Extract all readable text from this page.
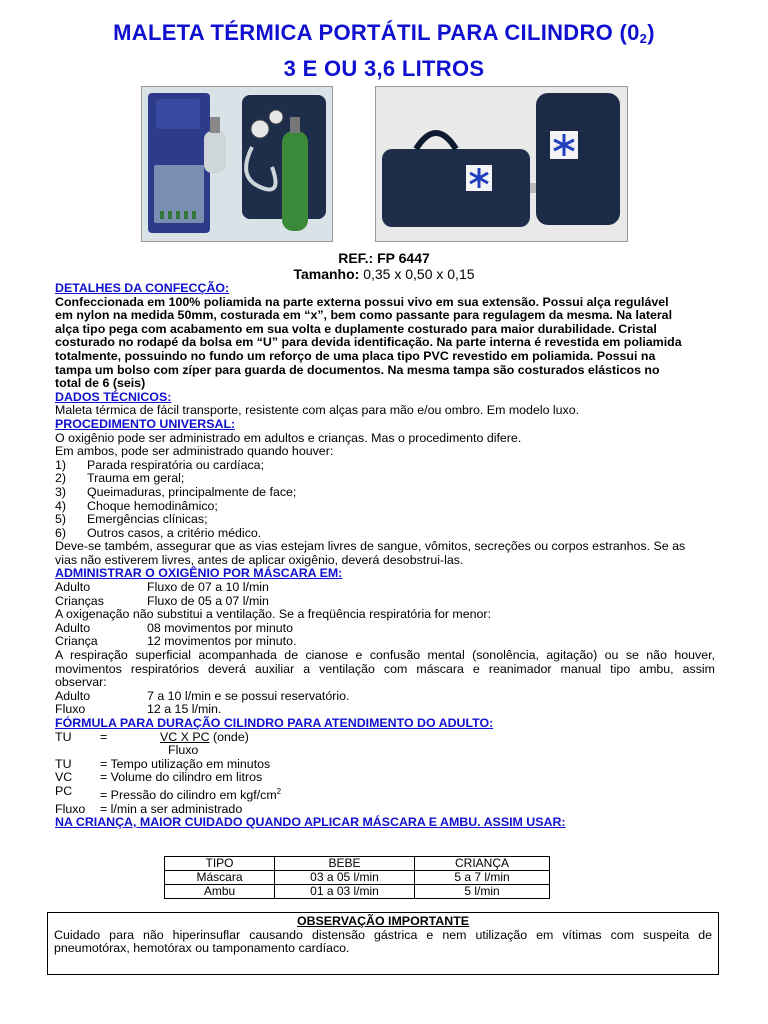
MALETA TÉRMICA PORTÁTIL PARA CILINDRO $(0_2)$
3 E OU 3,6 LITROS
REF.: FP 6447
Tamanho: 0,35 x 0,50 x 0,15
DETALHES DA CONFECÇÃO:
Confeccionada em 100% poliamida na parte externa possui vivo em sua extensão. Possui alça regulável
em nylon na medida 50mm, costurada em “x”, bem como passante para regulagem da mesma. Na lateral
alça tipo pega com acabamento em sua volta e duplamente costurado para maior durabilidade. Cristal
costurado no rodapé da bolsa em “U” para devida identificação. Na parte interna é revestida em poliamida
totalmente, possuindo no fundo um reforço de uma placa tipo PVC revestido em poliamida. Possui na
tampa um bolso com zíper para guarda de documentos. Na mesma tampa são costurados elásticos no
total de 6 (seis)
DADOS TÉCNICOS:
Maleta térmica de fácil transporte, resistente com alças para mão e/ou ombro. Em modelo luxo.
PROCEDIMENTO UNIVERSAL:
O oxigênio pode ser administrado em adultos e crianças. Mas o procedimento difere.
Em ambos, pode ser administrado quando houver:
1)	Parada respiratória ou cardíaca;
2)	Trauma em geral;
3)	Queimaduras, principalmente de face;
4)	Choque hemodinâmico;
5)	Emergências clínicas;
6)	Outros casos, a critério médico.
Deve-se também, assegurar que as vias estejam livres de sangue, vômitos, secreções ou corpos estranhos. Se as
vias não estiverem livres, antes de aplicar oxigênio, deverá desobstrui-las.
ADMINISTRAR O OXIGÊNIO POR MÁSCARA EM:
Adulto	Fluxo de 07 a 10 l/min
Crianças	Fluxo de 05 a 07 l/min
A oxigenação não substitui a ventilação. Se a freqüência respiratória for menor:
Adulto	08 movimentos por minuto
Criança	12 movimentos por minuto.
A respiração superficial acompanhada de cianose e confusão mental (sonolência, agitação) ou se não houver,
movimentos respiratórios deverá auxiliar a ventilação com máscara e reanimador manual tipo ambu, assim
observar:
Adulto	7 a 10 l/min e se possui reservatório.
Fluxo	12 a 15 l/min.
FÓRMULA PARA DURAÇÃO CILINDRO PARA ATENDIMENTO DO ADULTO:
TU	=	VC X PC (onde)
Fluxo
TU	= Tempo utilização em minutos
VC	= Volume do cilindro em litros
PC	= Pressão do cilindro em kgf/$cm^2$
Fluxo	= l/min a ser administrado
NA CRIANÇA, MAIOR CUIDADO QUANDO APLICAR MÁSCARA E AMBU. ASSIM USAR:
TIPO	BEBE	CRIANÇA
Máscara	03 a 05 l/min	5 a 7 l/min
Ambu	01 a 03 l/min	5 l/min
OBSERVAÇÃO IMPORTANTE
Cuidado para não hiperinsuflar causando distensão gástrica e nem utilização em vítimas com suspeita de pneumotórax, hemotórax ou tamponamento cardíaco.
